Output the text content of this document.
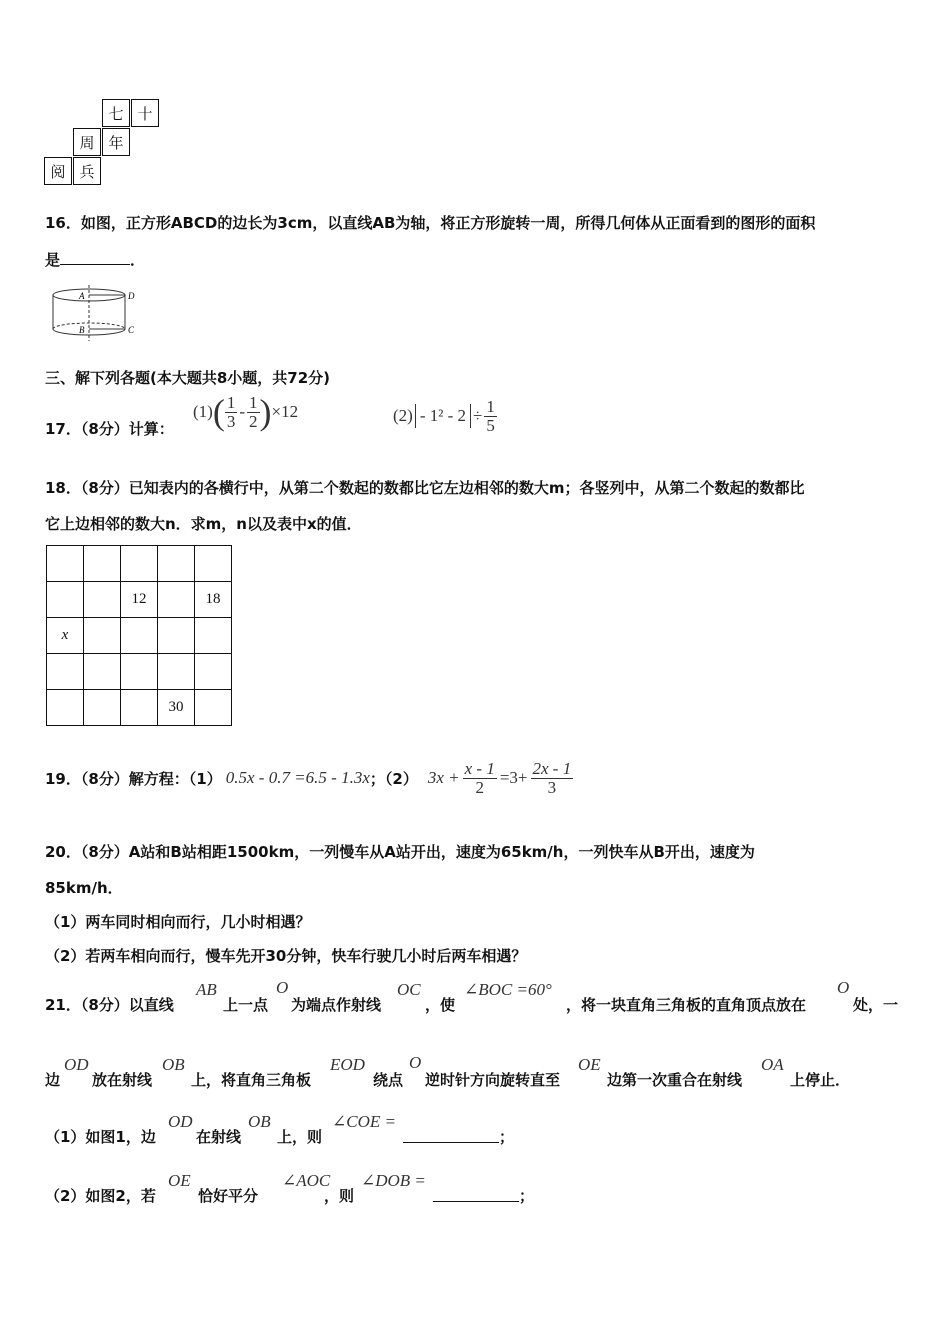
七 十
周 年
阅 兵
16．如图，正方形ABCD的边长为3cm，以直线AB为轴，将正方形旋转一周，所得几何体从正面看到的图形的面积
是	．
A	D
B	C
三、解下列各题(本大题共8小题，共72分)
17．（8分）计算：
(1) ( $\frac{1}{3} - \frac{1}{2}$ ) ×12	$(2) - 1^2 - 2 \div \frac{1}{5}$
18．（8分）已知表内的各横行中，从第二个数起的数都比它左边相邻的数大m；各竖列中，从第二个数起的数都比
它上边相邻的数大n．求m，n以及表中x的值．

		12		18
x				

			30	
19．（8分）解方程：（1） 0.5x - 0.7 =6.5 - 1.3x ；（2） $3x + \frac{x - 1}{2} =3+ \frac{2x - 1}{3}$
20．（8分）A站和B站相距1500km，一列慢车从A站开出，速度为65km/h，一列快车从B开出，速度为
85km/h．
（1）两车同时相向而行，几小时相遇？
（2）若两车相向而行，慢车先开30分钟，快车行驶几小时后两车相遇？
21．（8分）以直线
AB
上一点
O
为端点作射线
OC
，使
∠BOC =60°
，将一块直角三角板的直角顶点放在
O
处，一
边
OD
放在射线
OB
上，将直角三角板
EOD
绕点
O
逆时针方向旋转直至
OE
边第一次重合在射线
OA
上停止．
（1）如图1，边
OD
在射线
OB
上，则
∠COE =
；
（2）如图2，若
OE
恰好平分
∠AOC
，则
∠DOB =
；
